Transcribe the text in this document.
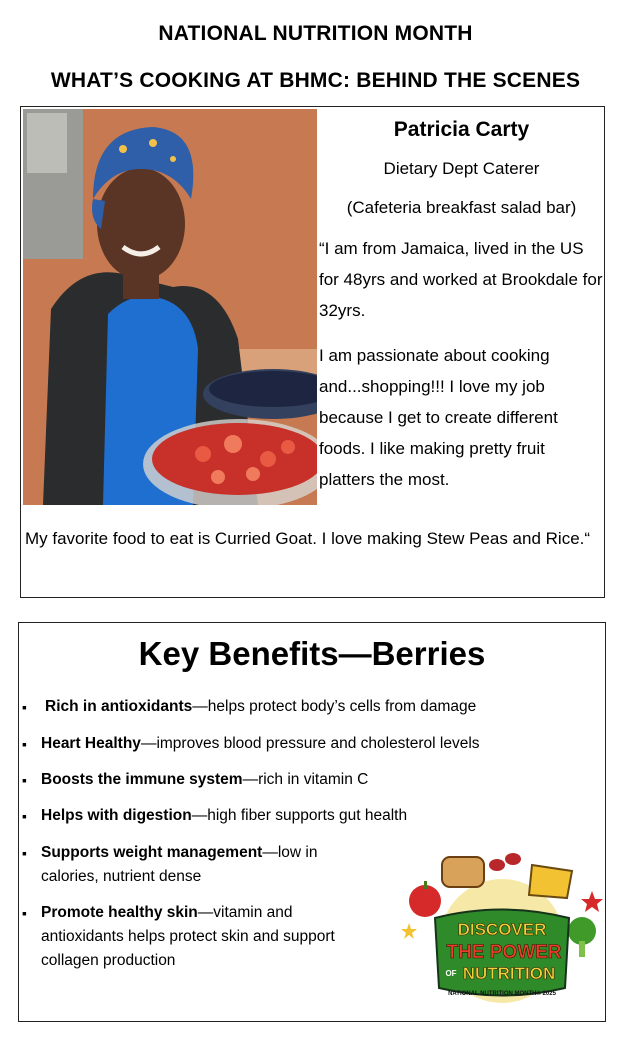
NATIONAL NUTRITION MONTH
WHAT’S COOKING AT BHMC: BEHIND THE SCENES
Patricia Carty
Dietary Dept Caterer
(Cafeteria breakfast salad bar)
“I am from Jamaica, lived in the US for 48yrs and worked at Brookdale for 32yrs.
I am passionate about cooking and...shopping!!! I love my job because I get to create different foods. I like making pretty fruit platters the most.
My favorite food to eat is Curried Goat. I love making Stew Peas and Rice.“
Key Benefits—Berries
▪ Rich in antioxidants—helps protect body’s cells from damage
▪ Heart Healthy—improves blood pressure and cholesterol levels
▪ Boosts the immune system—rich in vitamin C
▪ Helps with digestion—high fiber supports gut health
▪ Supports weight management—low in calories, nutrient dense
▪ Promote healthy skin—vitamin and antioxidants helps protect skin and support collagen production
DISCOVER
THE POWER
OF NUTRITION
NATIONAL NUTRITION MONTH® 2025
